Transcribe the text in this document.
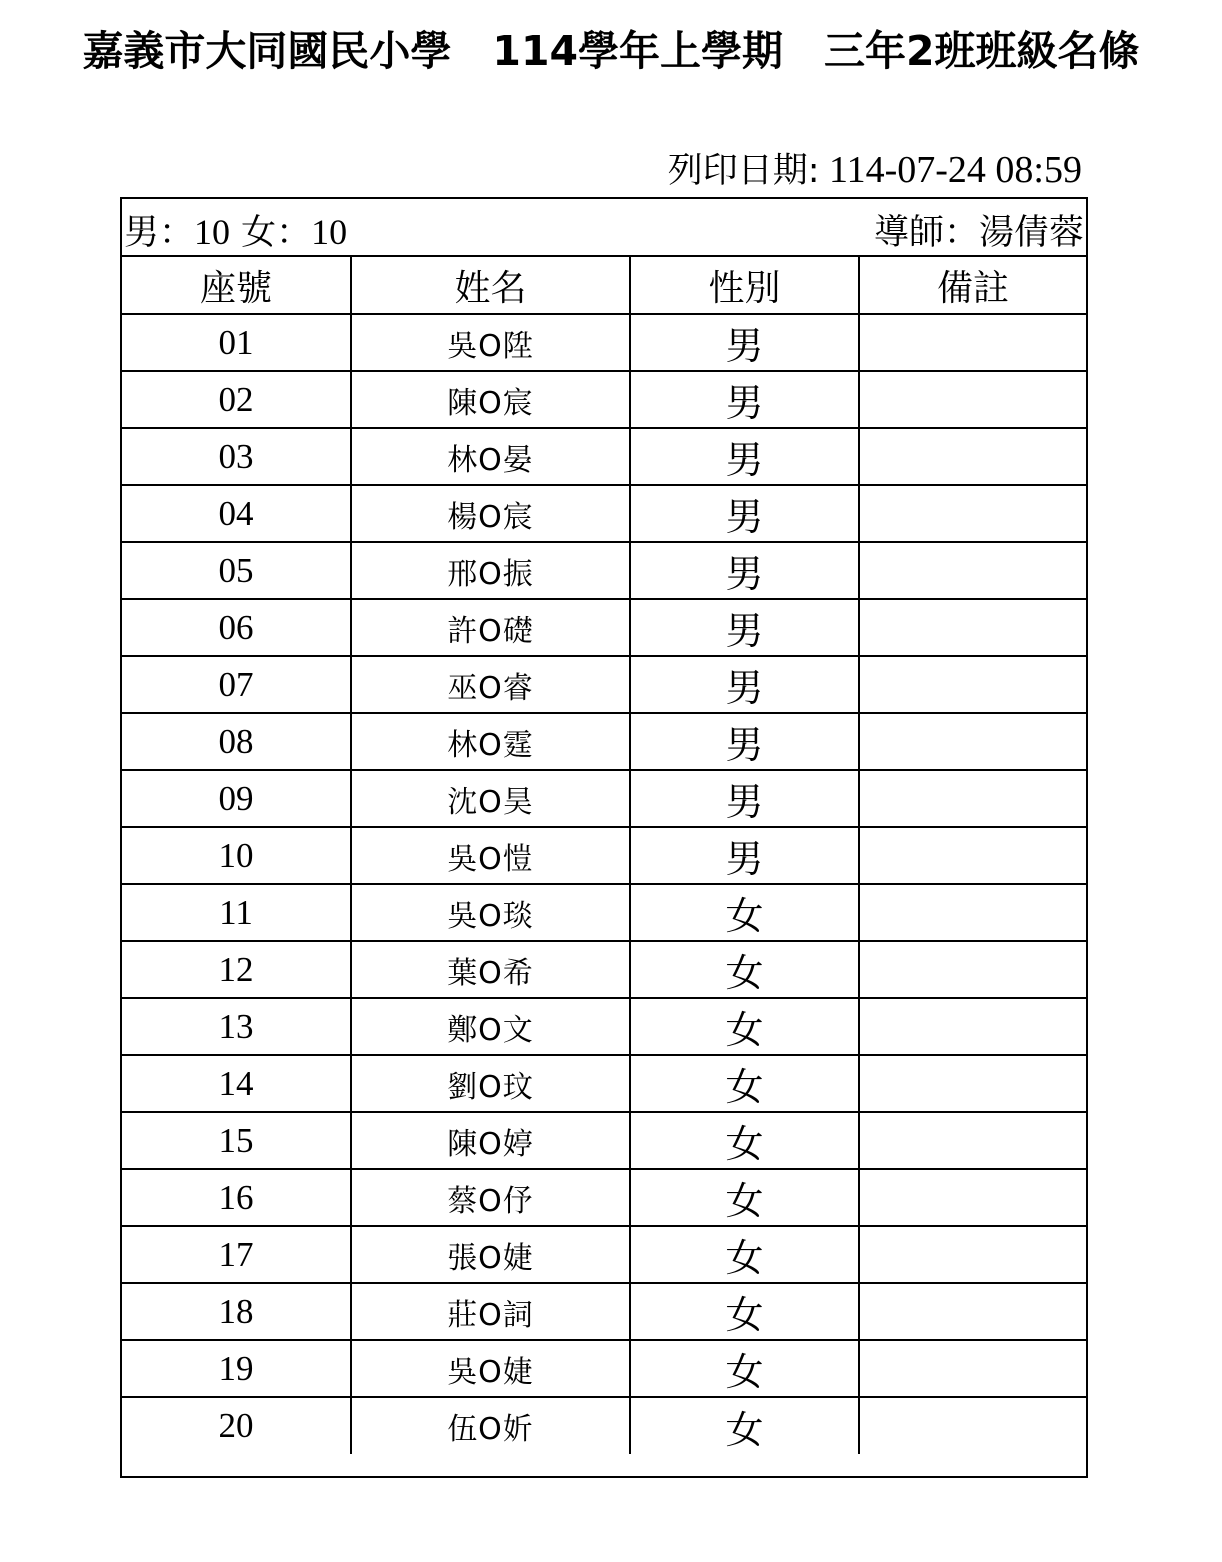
嘉義市大同國民小學　114學年上學期　三年2班班級名條
列印日期: 114-07-24 08:59
男：10 女：10	導師：湯倩蓉
座號	姓名	性別	備註
01	吳O陞	男	
02	陳O宸	男	
03	林O晏	男	
04	楊O宸	男	
05	邢O振	男	
06	許O礎	男	
07	巫O睿	男	
08	林O霆	男	
09	沈O昊	男	
10	吳O愷	男	
11	吳O琰	女	
12	葉O希	女	
13	鄭O文	女	
14	劉O玟	女	
15	陳O婷	女	
16	蔡O伃	女	
17	張O婕	女	
18	莊O詞	女	
19	吳O婕	女	
20	伍O妡	女	
